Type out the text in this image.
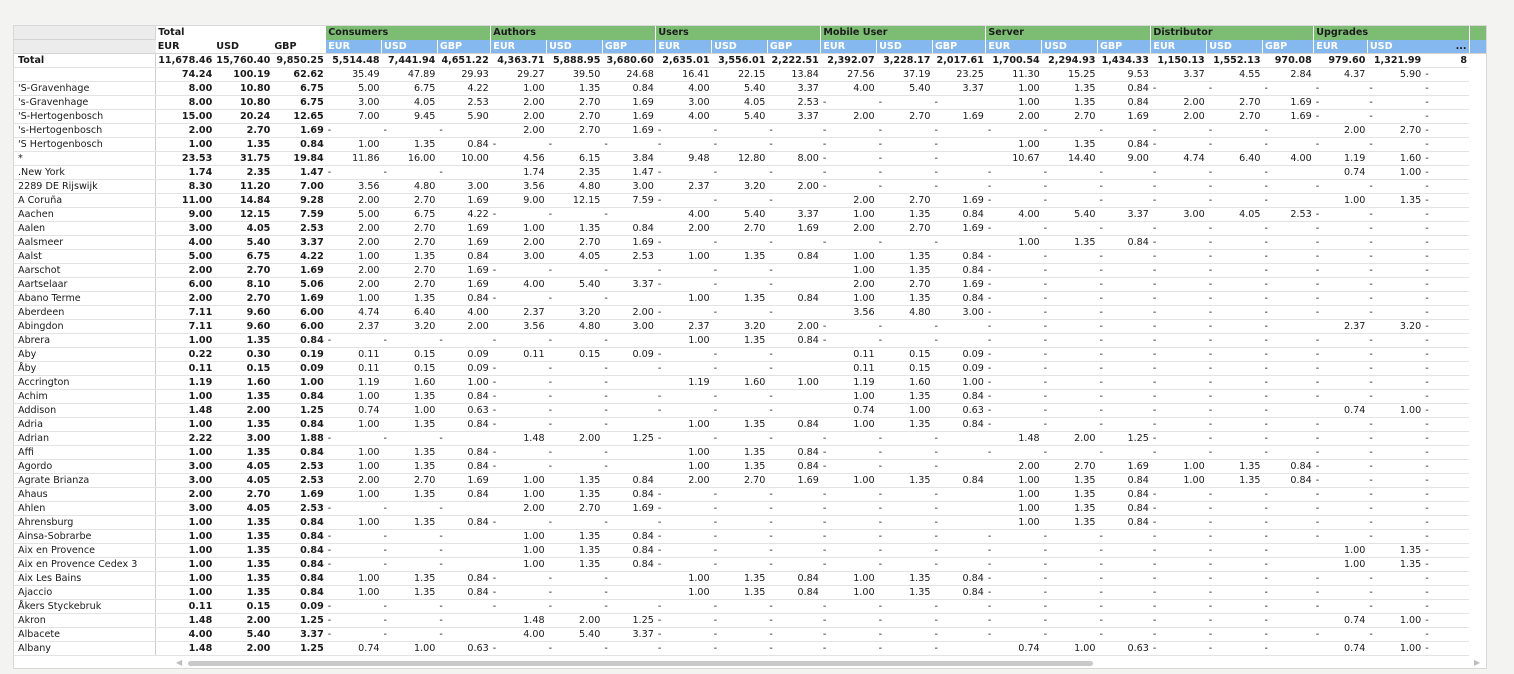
	Total			Consumers			Authors			Users			Mobile User			Server			Distributor			Upgrades			
	EUR	USD	GBP	EUR	USD	GBP	EUR	USD	GBP	EUR	USD	GBP	EUR	USD	GBP	EUR	USD	GBP	EUR	USD	GBP	EUR	USD	...	
Total	11,678.46	15,760.40	9,850.25	5,514.48	7,441.94	4,651.22	4,363.71	5,888.95	3,680.60	2,635.01	3,556.01	2,222.51	2,392.07	3,228.17	2,017.61	1,700.54	2,294.93	1,434.33	1,150.13	1,552.13	970.08	979.60	1,321.99	8	
	74.24	100.19	62.62	35.49	47.89	29.93	29.27	39.50	24.68	16.41	22.15	13.84	27.56	37.19	23.25	11.30	15.25	9.53	3.37	4.55	2.84	4.37	5.90	-	
'S-Gravenhage	8.00	10.80	6.75	5.00	6.75	4.22	1.00	1.35	0.84	4.00	5.40	3.37	4.00	5.40	3.37	1.00	1.35	0.84	-	-	-	-	-	-	
's-Gravenhage	8.00	10.80	6.75	3.00	4.05	2.53	2.00	2.70	1.69	3.00	4.05	2.53	-	-	-	1.00	1.35	0.84	2.00	2.70	1.69	-	-	-	
'S-Hertogenbosch	15.00	20.24	12.65	7.00	9.45	5.90	2.00	2.70	1.69	4.00	5.40	3.37	2.00	2.70	1.69	2.00	2.70	1.69	2.00	2.70	1.69	-	-	-	
's-Hertogenbosch	2.00	2.70	1.69	-	-	-	2.00	2.70	1.69	-	-	-	-	-	-	-	-	-	-	-	-	2.00	2.70	-	
'S Hertogenbosch	1.00	1.35	0.84	1.00	1.35	0.84	-	-	-	-	-	-	-	-	-	1.00	1.35	0.84	-	-	-	-	-	-	
*	23.53	31.75	19.84	11.86	16.00	10.00	4.56	6.15	3.84	9.48	12.80	8.00	-	-	-	10.67	14.40	9.00	4.74	6.40	4.00	1.19	1.60	-	
.New York	1.74	2.35	1.47	-	-	-	1.74	2.35	1.47	-	-	-	-	-	-	-	-	-	-	-	-	0.74	1.00	-	
2289 DE Rijswijk	8.30	11.20	7.00	3.56	4.80	3.00	3.56	4.80	3.00	2.37	3.20	2.00	-	-	-	-	-	-	-	-	-	-	-	-	
A Coruña	11.00	14.84	9.28	2.00	2.70	1.69	9.00	12.15	7.59	-	-	-	2.00	2.70	1.69	-	-	-	-	-	-	1.00	1.35	-	
Aachen	9.00	12.15	7.59	5.00	6.75	4.22	-	-	-	4.00	5.40	3.37	1.00	1.35	0.84	4.00	5.40	3.37	3.00	4.05	2.53	-	-	-	
Aalen	3.00	4.05	2.53	2.00	2.70	1.69	1.00	1.35	0.84	2.00	2.70	1.69	2.00	2.70	1.69	-	-	-	-	-	-	-	-	-	
Aalsmeer	4.00	5.40	3.37	2.00	2.70	1.69	2.00	2.70	1.69	-	-	-	-	-	-	1.00	1.35	0.84	-	-	-	-	-	-	
Aalst	5.00	6.75	4.22	1.00	1.35	0.84	3.00	4.05	2.53	1.00	1.35	0.84	1.00	1.35	0.84	-	-	-	-	-	-	-	-	-	
Aarschot	2.00	2.70	1.69	2.00	2.70	1.69	-	-	-	-	-	-	1.00	1.35	0.84	-	-	-	-	-	-	-	-	-	
Aartselaar	6.00	8.10	5.06	2.00	2.70	1.69	4.00	5.40	3.37	-	-	-	2.00	2.70	1.69	-	-	-	-	-	-	-	-	-	
Abano Terme	2.00	2.70	1.69	1.00	1.35	0.84	-	-	-	1.00	1.35	0.84	1.00	1.35	0.84	-	-	-	-	-	-	-	-	-	
Aberdeen	7.11	9.60	6.00	4.74	6.40	4.00	2.37	3.20	2.00	-	-	-	3.56	4.80	3.00	-	-	-	-	-	-	-	-	-	
Abingdon	7.11	9.60	6.00	2.37	3.20	2.00	3.56	4.80	3.00	2.37	3.20	2.00	-	-	-	-	-	-	-	-	-	2.37	3.20	-	
Abrera	1.00	1.35	0.84	-	-	-	-	-	-	1.00	1.35	0.84	-	-	-	-	-	-	-	-	-	-	-	-	
Aby	0.22	0.30	0.19	0.11	0.15	0.09	0.11	0.15	0.09	-	-	-	0.11	0.15	0.09	-	-	-	-	-	-	-	-	-	
Åby	0.11	0.15	0.09	0.11	0.15	0.09	-	-	-	-	-	-	0.11	0.15	0.09	-	-	-	-	-	-	-	-	-	
Accrington	1.19	1.60	1.00	1.19	1.60	1.00	-	-	-	1.19	1.60	1.00	1.19	1.60	1.00	-	-	-	-	-	-	-	-	-	
Achim	1.00	1.35	0.84	1.00	1.35	0.84	-	-	-	-	-	-	1.00	1.35	0.84	-	-	-	-	-	-	-	-	-	
Addison	1.48	2.00	1.25	0.74	1.00	0.63	-	-	-	-	-	-	0.74	1.00	0.63	-	-	-	-	-	-	0.74	1.00	-	
Adria	1.00	1.35	0.84	1.00	1.35	0.84	-	-	-	1.00	1.35	0.84	1.00	1.35	0.84	-	-	-	-	-	-	-	-	-	
Adrian	2.22	3.00	1.88	-	-	-	1.48	2.00	1.25	-	-	-	-	-	-	1.48	2.00	1.25	-	-	-	-	-	-	
Affi	1.00	1.35	0.84	1.00	1.35	0.84	-	-	-	1.00	1.35	0.84	-	-	-	-	-	-	-	-	-	-	-	-	
Agordo	3.00	4.05	2.53	1.00	1.35	0.84	-	-	-	1.00	1.35	0.84	-	-	-	2.00	2.70	1.69	1.00	1.35	0.84	-	-	-	
Agrate Brianza	3.00	4.05	2.53	2.00	2.70	1.69	1.00	1.35	0.84	2.00	2.70	1.69	1.00	1.35	0.84	1.00	1.35	0.84	1.00	1.35	0.84	-	-	-	
Ahaus	2.00	2.70	1.69	1.00	1.35	0.84	1.00	1.35	0.84	-	-	-	-	-	-	1.00	1.35	0.84	-	-	-	-	-	-	
Ahlen	3.00	4.05	2.53	-	-	-	2.00	2.70	1.69	-	-	-	-	-	-	1.00	1.35	0.84	-	-	-	-	-	-	
Ahrensburg	1.00	1.35	0.84	1.00	1.35	0.84	-	-	-	-	-	-	-	-	-	1.00	1.35	0.84	-	-	-	-	-	-	
Ainsa-Sobrarbe	1.00	1.35	0.84	-	-	-	1.00	1.35	0.84	-	-	-	-	-	-	-	-	-	-	-	-	-	-	-	
Aix en Provence	1.00	1.35	0.84	-	-	-	1.00	1.35	0.84	-	-	-	-	-	-	-	-	-	-	-	-	1.00	1.35	-	
Aix en Provence Cedex 3	1.00	1.35	0.84	-	-	-	1.00	1.35	0.84	-	-	-	-	-	-	-	-	-	-	-	-	1.00	1.35	-	
Aix Les Bains	1.00	1.35	0.84	1.00	1.35	0.84	-	-	-	1.00	1.35	0.84	1.00	1.35	0.84	-	-	-	-	-	-	-	-	-	
Ajaccio	1.00	1.35	0.84	1.00	1.35	0.84	-	-	-	1.00	1.35	0.84	1.00	1.35	0.84	-	-	-	-	-	-	-	-	-	
Åkers Styckebruk	0.11	0.15	0.09	-	-	-	-	-	-	-	-	-	-	-	-	-	-	-	-	-	-	-	-	-	
Akron	1.48	2.00	1.25	-	-	-	1.48	2.00	1.25	-	-	-	-	-	-	-	-	-	-	-	-	0.74	1.00	-	
Albacete	4.00	5.40	3.37	-	-	-	4.00	5.40	3.37	-	-	-	-	-	-	-	-	-	-	-	-	-	-	-	
Albany	1.48	2.00	1.25	0.74	1.00	0.63	-	-	-	-	-	-	-	-	-	0.74	1.00	0.63	-	-	-	0.74	1.00	-	
◀	▶
